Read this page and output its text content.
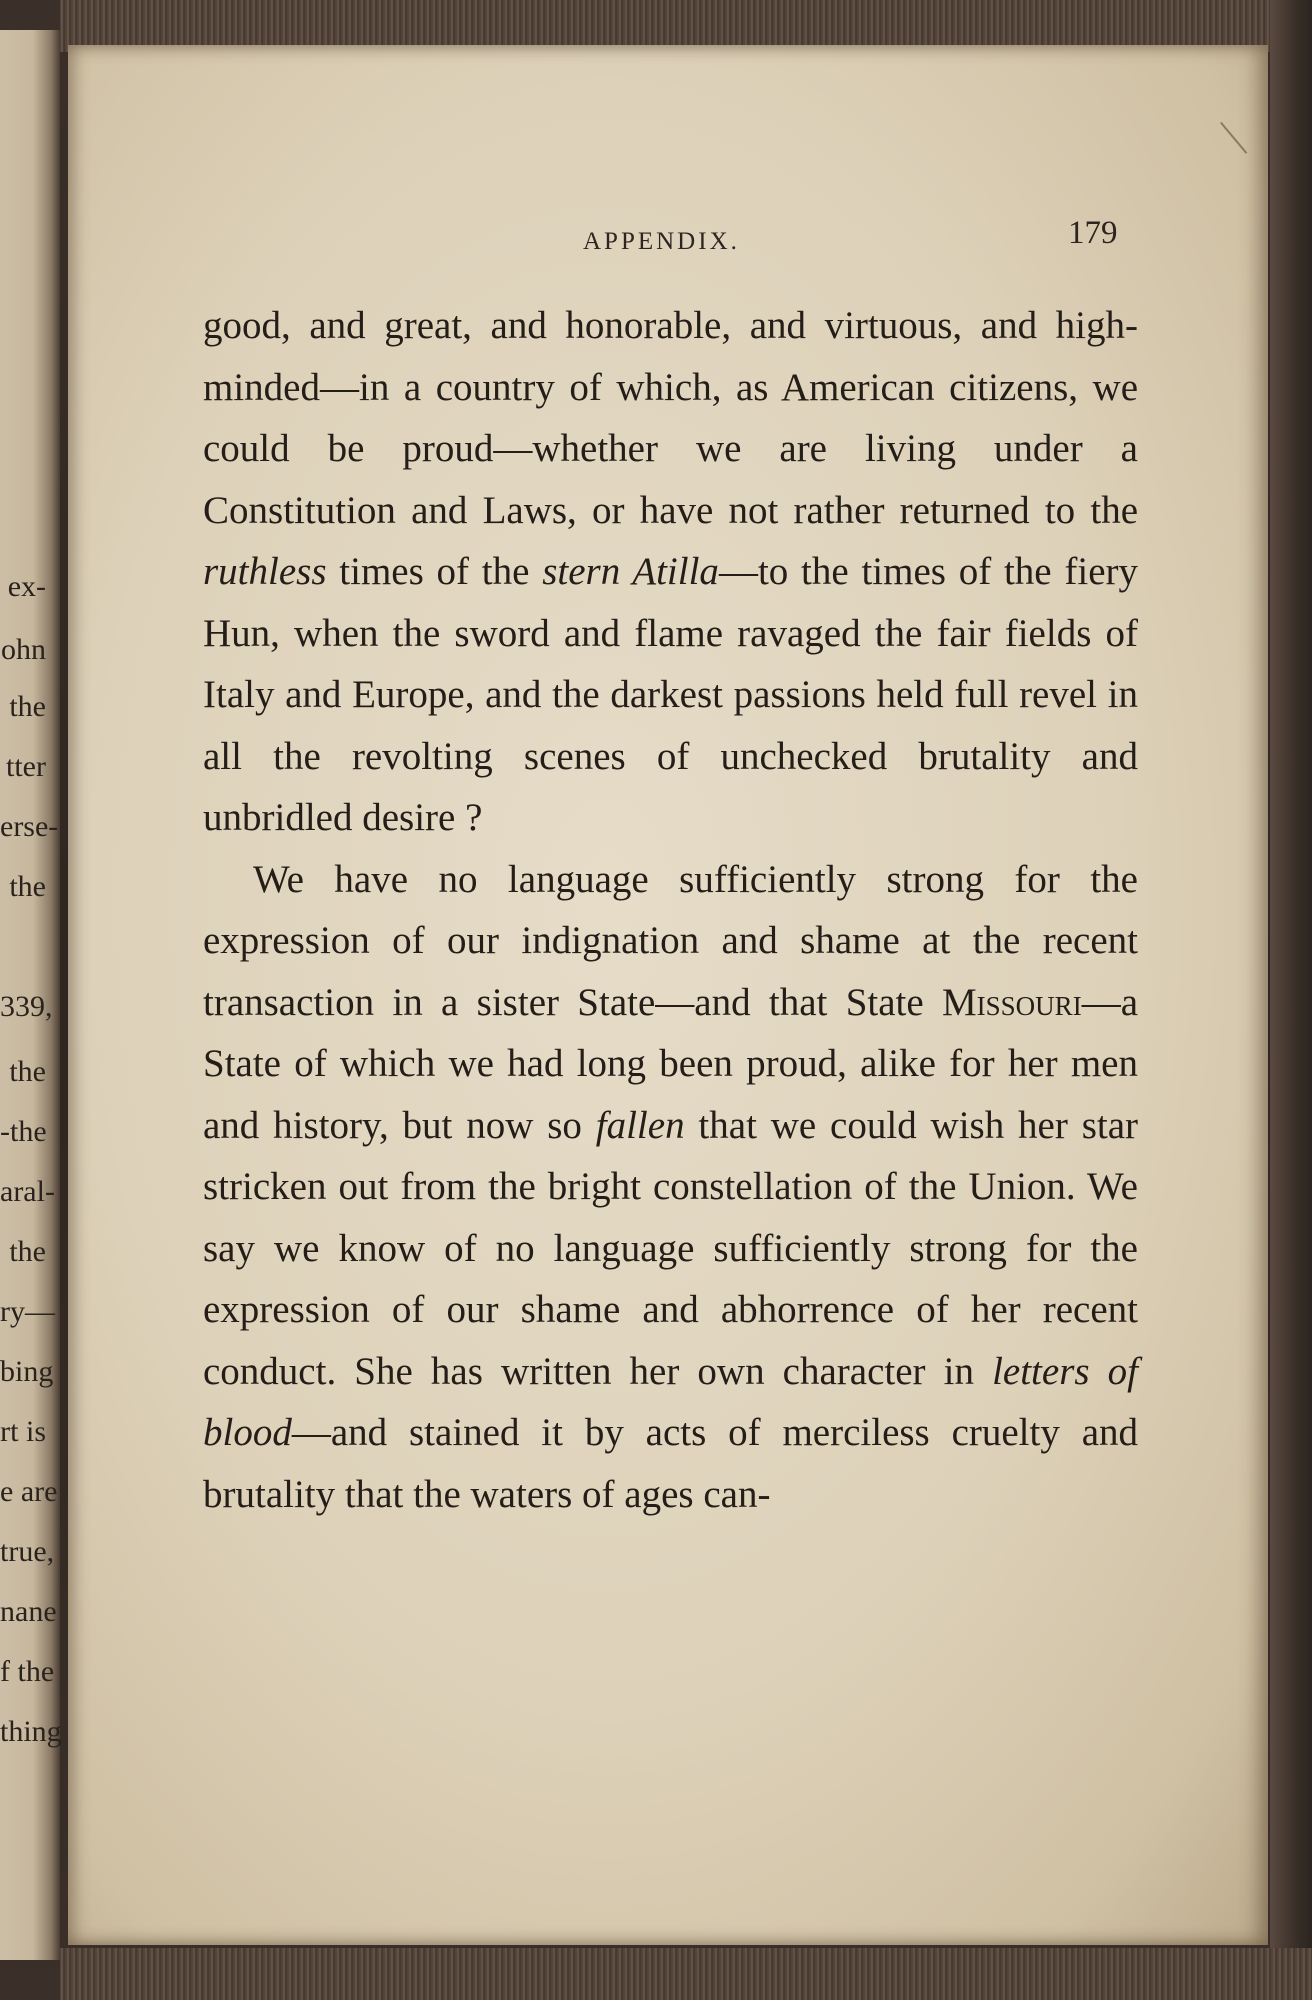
ex-
ohn
the
tter
erse-
the
339,
the
-the
aral-
the
ry—
bing
rt is
e are
true,
nane
f the
thing
APPENDIX.	179

good, and great, and honorable, and virtuous, and high-minded—in a country of which, as American citizens, we could be proud—whether we are living under a Constitution and Laws, or have not rather returned to the ruthless times of the stern Atilla—to the times of the fiery Hun, when the sword and flame ravaged the fair fields of Italy and Europe, and the darkest passions held full revel in all the revolting scenes of unchecked brutality and unbridled desire ?

We have no language sufficiently strong for the expression of our indignation and shame at the recent transaction in a sister State—and that State Missouri—a State of which we had long been proud, alike for her men and history, but now so fallen that we could wish her star stricken out from the bright constellation of the Union. We say we know of no language sufficiently strong for the expression of our shame and abhorrence of her recent conduct. She has written her own character in letters of blood—and stained it by acts of merciless cruelty and brutality that the waters of ages can-
